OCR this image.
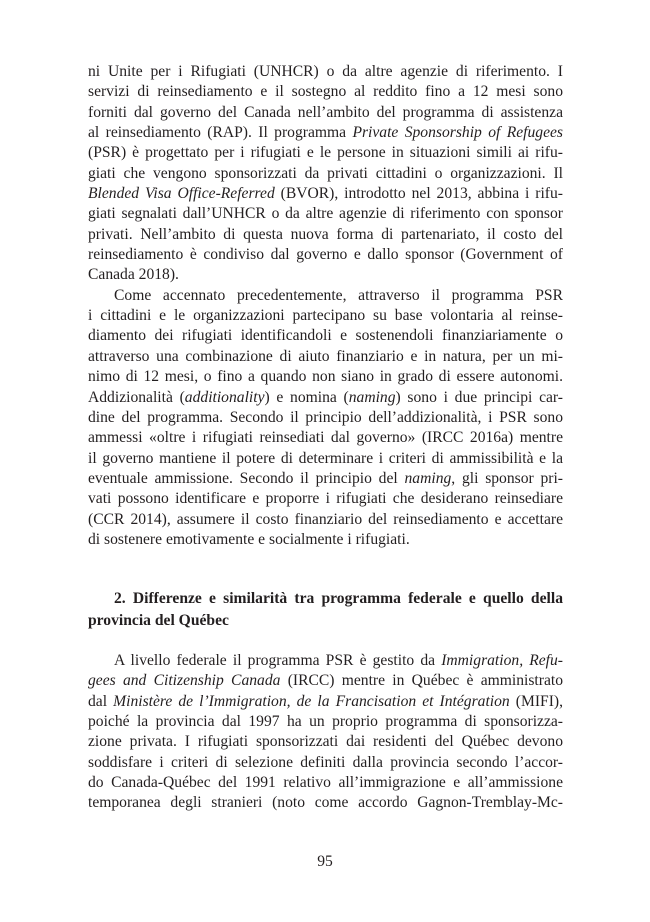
ni Unite per i Rifugiati (UNHCR) o da altre agenzie di riferimento. I
servizi di reinsediamento e il sostegno al reddito fino a 12 mesi sono
forniti dal governo del Canada nell’ambito del programma di assistenza
al reinsediamento (RAP). Il programma Private Sponsorship of Refugees
(PSR) è progettato per i rifugiati e le persone in situazioni simili ai rifu-
giati che vengono sponsorizzati da privati cittadini o organizzazioni. Il
Blended Visa Office-Referred (BVOR), introdotto nel 2013, abbina i rifu-
giati segnalati dall’UNHCR o da altre agenzie di riferimento con sponsor
privati. Nell’ambito di questa nuova forma di partenariato, il costo del
reinsediamento è condiviso dal governo e dallo sponsor (Government of
Canada 2018).
Come accennato precedentemente, attraverso il programma PSR
i cittadini e le organizzazioni partecipano su base volontaria al reinse-
diamento dei rifugiati identificandoli e sostenendoli finanziariamente o
attraverso una combinazione di aiuto finanziario e in natura, per un mi-
nimo di 12 mesi, o fino a quando non siano in grado di essere autonomi.
Addizionalità (additionality) e nomina (naming) sono i due principi car-
dine del programma. Secondo il principio dell’addizionalità, i PSR sono
ammessi «oltre i rifugiati reinsediati dal governo» (IRCC 2016a) mentre
il governo mantiene il potere di determinare i criteri di ammissibilità e la
eventuale ammissione. Secondo il principio del naming, gli sponsor pri-
vati possono identificare e proporre i rifugiati che desiderano reinsediare
(CCR 2014), assumere il costo finanziario del reinsediamento e accettare
di sostenere emotivamente e socialmente i rifugiati.
2. Differenze e similarità tra programma federale e quello della
provincia del Québec
A livello federale il programma PSR è gestito da Immigration, Refu-
gees and Citizenship Canada (IRCC) mentre in Québec è amministrato
dal Ministère de l’Immigration, de la Francisation et Intégration (MIFI),
poiché la provincia dal 1997 ha un proprio programma di sponsorizza-
zione privata. I rifugiati sponsorizzati dai residenti del Québec devono
soddisfare i criteri di selezione definiti dalla provincia secondo l’accor-
do Canada-Québec del 1991 relativo all’immigrazione e all’ammissione
temporanea degli stranieri (noto come accordo Gagnon-Tremblay-Mc-
95
